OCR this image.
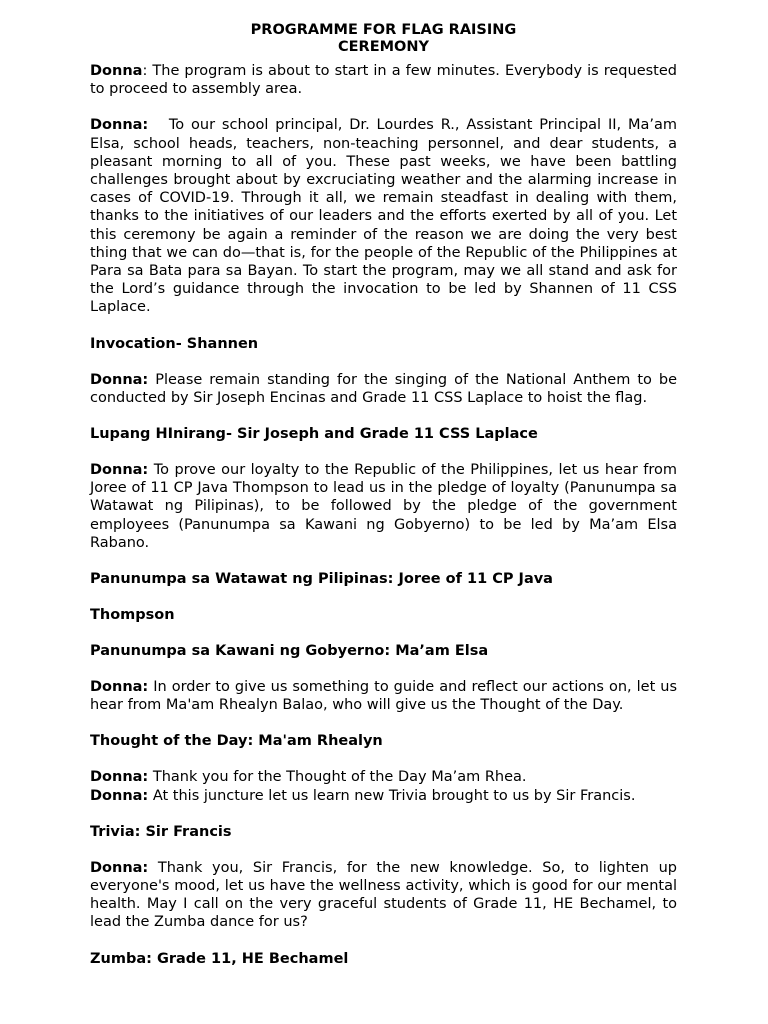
PROGRAMME FOR FLAG RAISING
CEREMONY
Donna: The program is about to start in a few minutes. Everybody is requested to proceed to assembly area.
Donna: To our school principal, Dr. Lourdes R., Assistant Principal II, Ma’am Elsa, school heads, teachers, non-teaching personnel, and dear students, a pleasant morning to all of you. These past weeks, we have been battling challenges brought about by excruciating weather and the alarming increase in cases of COVID-19. Through it all, we remain steadfast in dealing with them, thanks to the initiatives of our leaders and the efforts exerted by all of you. Let this ceremony be again a reminder of the reason we are doing the very best thing that we can do—that is, for the people of the Republic of the Philippines at Para sa Bata para sa Bayan. To start the program, may we all stand and ask for the Lord’s guidance through the invocation to be led by Shannen of 11 CSS Laplace.
Invocation- Shannen
Donna: Please remain standing for the singing of the National Anthem to be conducted by Sir Joseph Encinas and Grade 11 CSS Laplace to hoist the flag.
Lupang HInirang- Sir Joseph and Grade 11 CSS Laplace
Donna: To prove our loyalty to the Republic of the Philippines, let us hear from Joree of 11 CP Java Thompson to lead us in the pledge of loyalty (Panunumpa sa Watawat ng Pilipinas), to be followed by the pledge of the government employees (Panunumpa sa Kawani ng Gobyerno) to be led by Ma’am Elsa Rabano.
Panunumpa sa Watawat ng Pilipinas: Joree of 11 CP Java
Thompson
Panunumpa sa Kawani ng Gobyerno: Ma’am Elsa
Donna: In order to give us something to guide and reflect our actions on, let us hear from Ma'am Rhealyn Balao, who will give us the Thought of the Day.
Thought of the Day: Ma'am Rhealyn
Donna: Thank you for the Thought of the Day Ma’am Rhea.
Donna: At this juncture let us learn new Trivia brought to us by Sir Francis.
Trivia: Sir Francis
Donna: Thank you, Sir Francis, for the new knowledge. So, to lighten up everyone's mood, let us have the wellness activity, which is good for our mental health. May I call on the very graceful students of Grade 11, HE Bechamel, to lead the Zumba dance for us?
Zumba: Grade 11, HE Bechamel
